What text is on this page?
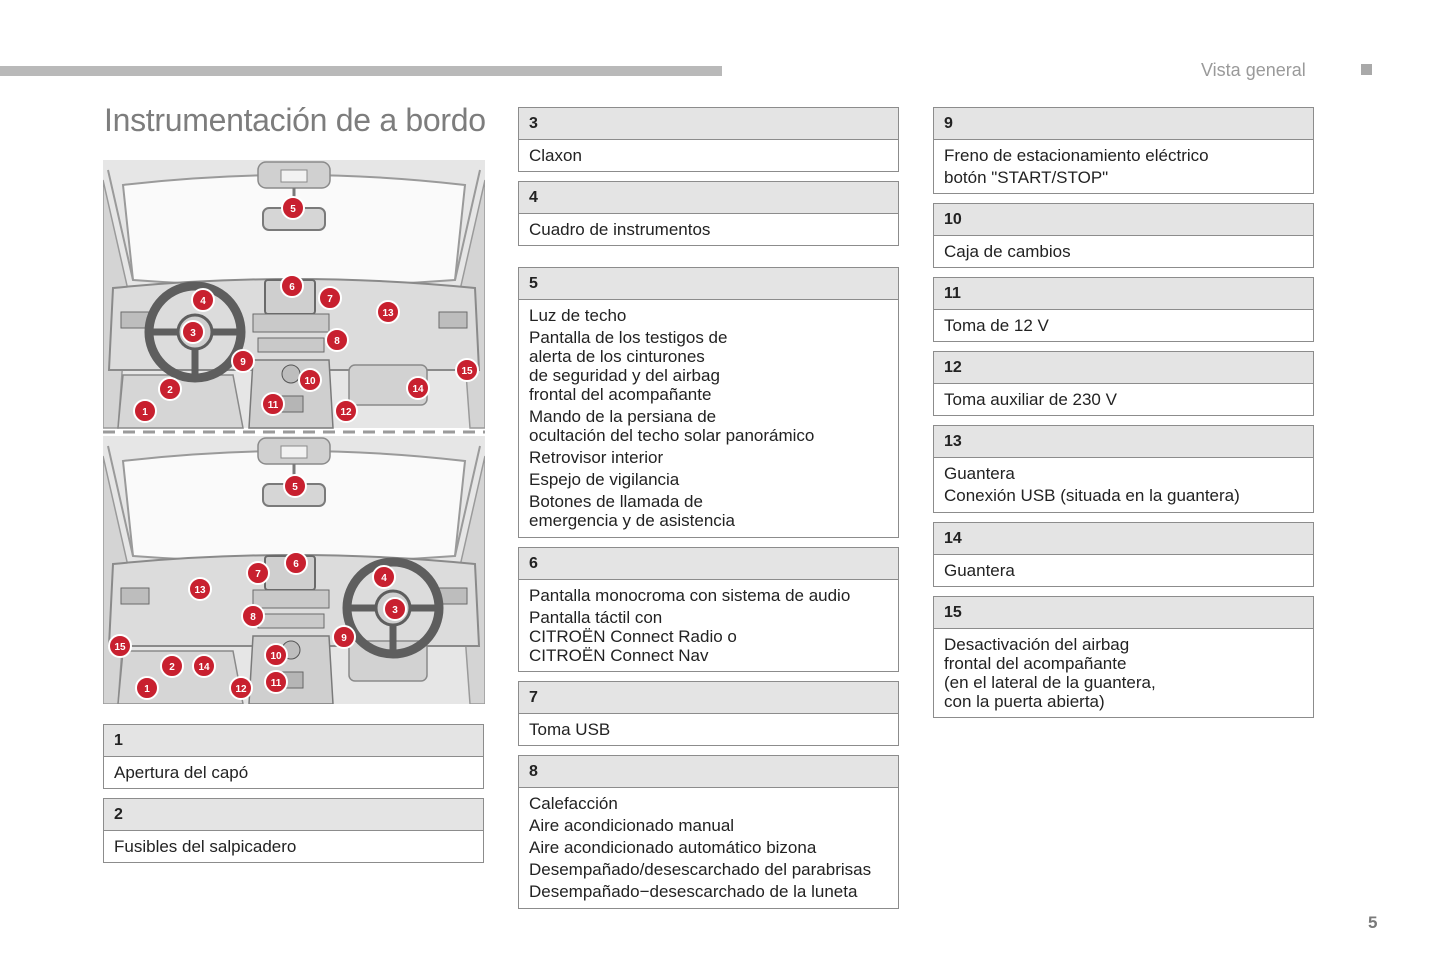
Vista general
Instrumentación de a bordo
5
6
7
4
13
3
8
9
10
15
14
2
1
11
12
5
6
7	4
13
3
8
9
15
10
2 14
1	12
11
1
Apertura del capó
2
Fusibles del salpicadero
3
Claxon
4
Cuadro de instrumentos
5
Luz de techo
Pantalla de los testigos de
alerta de los cinturones
de seguridad y del airbag
frontal del acompañante
Mando de la persiana de
ocultación del techo solar panorámico
Retrovisor interior
Espejo de vigilancia
Botones de llamada de
emergencia y de asistencia
6
Pantalla monocroma con sistema de audio
Pantalla táctil con
CITROËN Connect Radio o
CITROËN Connect Nav
7
Toma USB
8
Calefacción
Aire acondicionado manual
Aire acondicionado automático bizona
Desempañado/desescarchado del parabrisas
Desempañado−desescarchado de la luneta
9
Freno de estacionamiento eléctrico
botón "START/STOP"
10
Caja de cambios
11
Toma de 12 V
12
Toma auxiliar de 230 V
13
Guantera
Conexión USB (situada en la guantera)
14
Guantera
15
Desactivación del airbag
frontal del acompañante
(en el lateral de la guantera,
con la puerta abierta)
5
